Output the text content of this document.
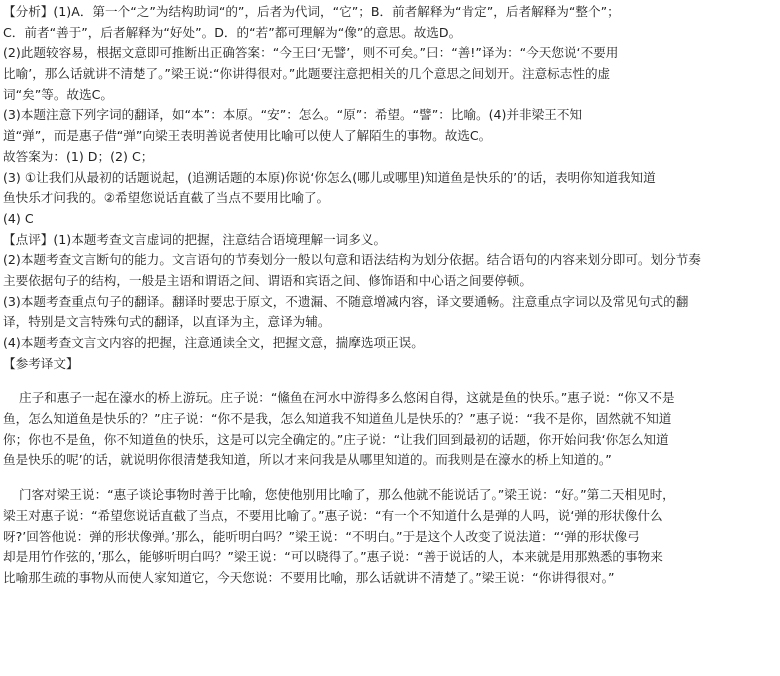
【分析】(1)A．第一个“之”为结构助词“的”，后者为代词，“它”；B．前者解释为“肯定”，后者解释为“整个”；
C．前者“善于”，后者解释为“好处”。D．的“若”都可理解为“像”的意思。故选D。
(2)此题较容易，根据文意即可推断出正确答案：“今王曰‘无譬’，则不可矣。”曰：“善!”译为：“今天您说‘不要用
比喻’，那么话就讲不清楚了。”梁王说:“你讲得很对。”此题要注意把相关的几个意思之间划开。注意标志性的虚
词“矣”等。故选C。
(3)本题注意下列字词的翻译，如“本”：本原。“安”：怎么。“原”：希望。“譬”：比喻。(4)并非梁王不知
道“弹”，而是惠子借“弹”向梁王表明善说者使用比喻可以使人了解陌生的事物。故选C。
故答案为：(1) D；(2) C；
(3) ①让我们从最初的话题说起，(追溯话题的本原)你说‘你怎么(哪儿或哪里)知道鱼是快乐的’的话，表明你知道我知道
鱼快乐才问我的。②希望您说话直截了当点不要用比喻了。
(4) C
【点评】(1)本题考查文言虚词的把握，注意结合语境理解一词多义。
(2)本题考查文言断句的能力。文言语句的节奏划分一般以句意和语法结构为划分依据。结合语句的内容来划分即可。划分节奏
主要依据句子的结构，一般是主语和谓语之间、谓语和宾语之间、修饰语和中心语之间要停顿。
(3)本题考查重点句子的翻译。翻译时要忠于原文，不遗漏、不随意增减内容，译文要通畅。注意重点字词以及常见句式的翻
译，特别是文言特殊句式的翻译，以直译为主，意译为辅。
(4)本题考查文言文内容的把握，注意通读全文，把握文意，揣摩选项正误。
【参考译文】
庄子和惠子一起在濠水的桥上游玩。庄子说：“鯈鱼在河水中游得多么悠闲自得，这就是鱼的快乐。”惠子说：“你又不是
鱼，怎么知道鱼是快乐的？”庄子说：“你不是我，怎么知道我不知道鱼儿是快乐的？”惠子说：“我不是你，固然就不知道
你；你也不是鱼，你不知道鱼的快乐，这是可以完全确定的。”庄子说：“让我们回到最初的话题，你开始问我‘你怎么知道
鱼是快乐的呢’的话，就说明你很清楚我知道，所以才来问我是从哪里知道的。而我则是在濠水的桥上知道的。”
门客对梁王说：“惠子谈论事物时善于比喻，您使他别用比喻了，那么他就不能说话了。”梁王说：“好。”第二天相见时，
梁王对惠子说：“希望您说话直截了当点，不要用比喻了。”惠子说：“有一个不知道什么是弹的人吗，说‘弹的形状像什么
呀?’回答他说：弹的形状像弹。’那么，能听明白吗？”梁王说：“不明白。”于是这个人改变了说法道：“‘弹的形状像弓
却是用竹作弦的，’那么，能够听明白吗？”梁王说：“可以晓得了。”惠子说：“善于说话的人，本来就是用那熟悉的事物来
比喻那生疏的事物从而使人家知道它，今天您说：不要用比喻，那么话就讲不清楚了。”梁王说：“你讲得很对。”
